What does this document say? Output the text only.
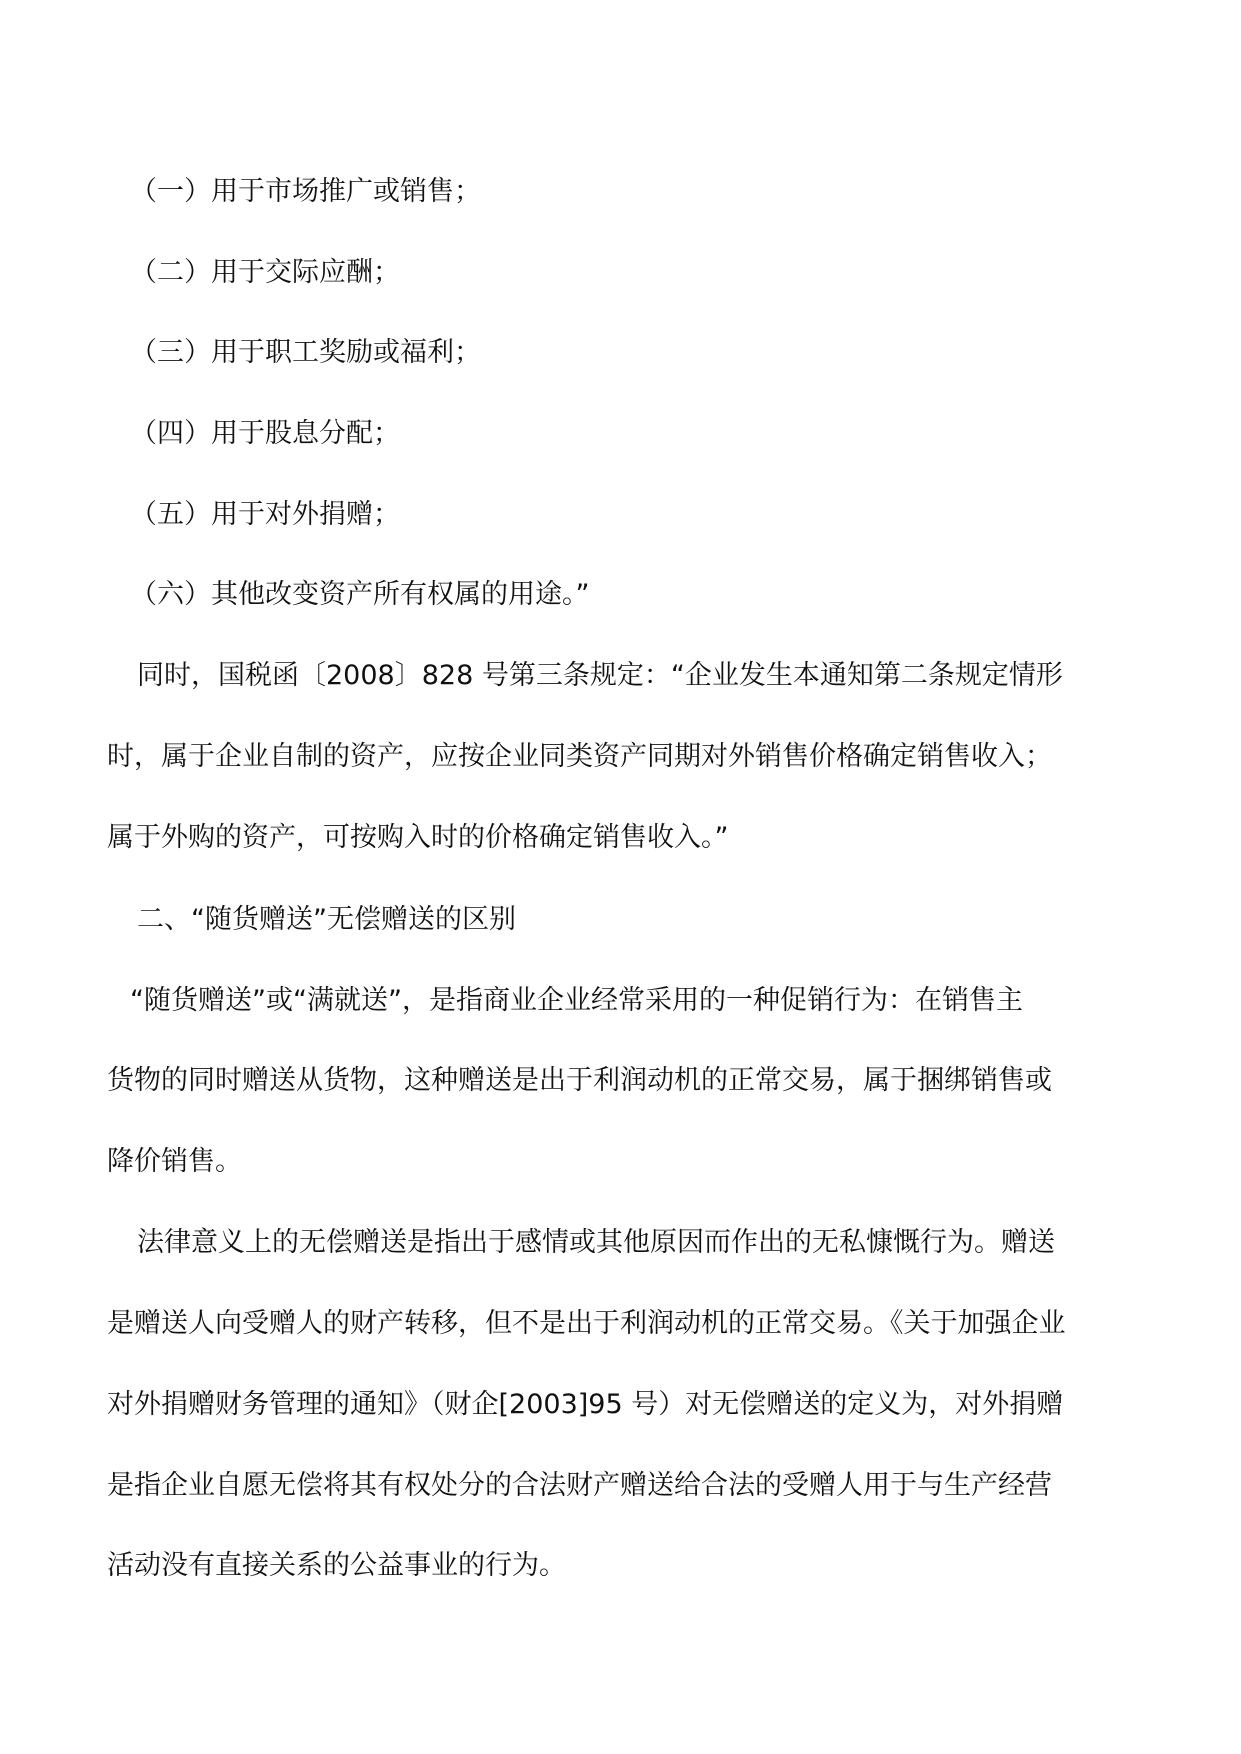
（一）用于市场推广或销售；
（二）用于交际应酬；
（三）用于职工奖励或福利；
（四）用于股息分配；
（五）用于对外捐赠；
（六）其他改变资产所有权属的用途。”
同时，国税函〔2008〕828 号第三条规定：“企业发生本通知第二条规定情形
时，属于企业自制的资产，应按企业同类资产同期对外销售价格确定销售收入；
属于外购的资产，可按购入时的价格确定销售收入。”
二、“随货赠送”无偿赠送的区别
“随货赠送”或“满就送”，是指商业企业经常采用的一种促销行为：在销售主
货物的同时赠送从货物，这种赠送是出于利润动机的正常交易，属于捆绑销售或
降价销售。
法律意义上的无偿赠送是指出于感情或其他原因而作出的无私慷慨行为。赠送
是赠送人向受赠人的财产转移，但不是出于利润动机的正常交易。《关于加强企业
对外捐赠财务管理的通知》（财企[2003]95 号）对无偿赠送的定义为，对外捐赠
是指企业自愿无偿将其有权处分的合法财产赠送给合法的受赠人用于与生产经营
活动没有直接关系的公益事业的行为。
